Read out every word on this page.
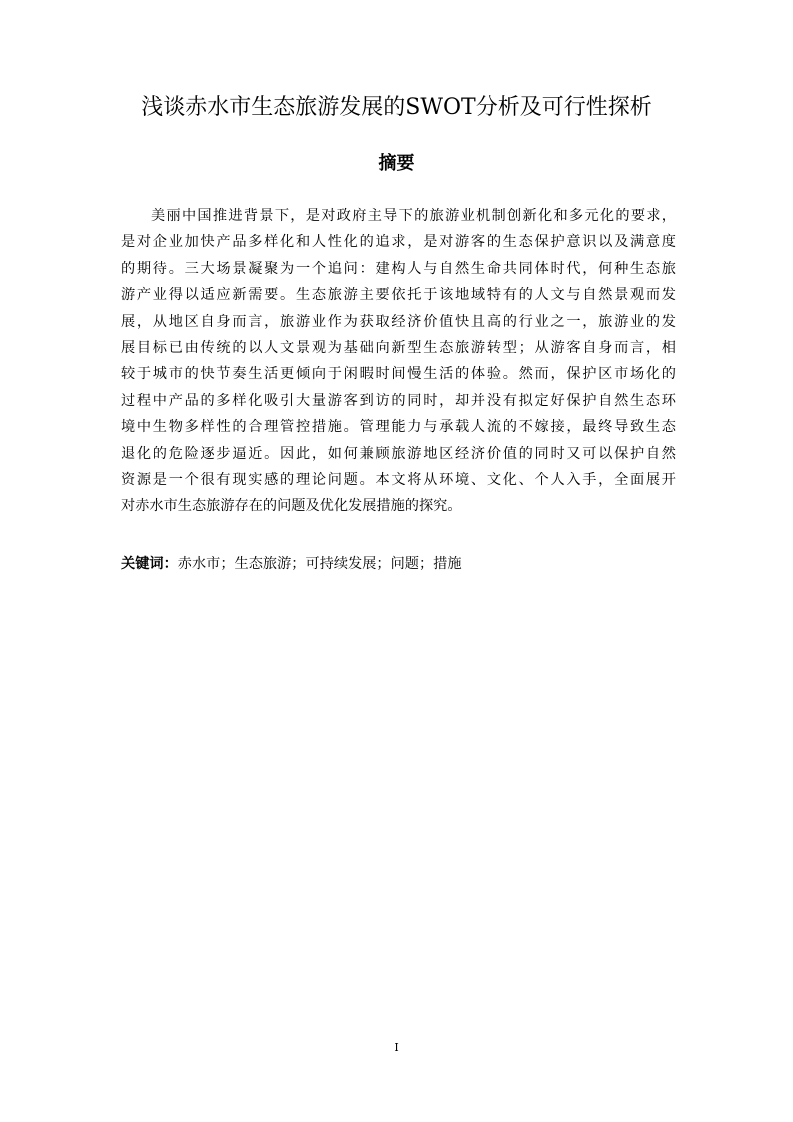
浅谈赤水市生态旅游发展的SWOT分析及可行性探析
摘要
美丽中国推进背景下，是对政府主导下的旅游业机制创新化和多元化的要求，
是对企业加快产品多样化和人性化的追求，是对游客的生态保护意识以及满意度
的期待。三大场景凝聚为一个追问：建构人与自然生命共同体时代，何种生态旅
游产业得以适应新需要。生态旅游主要依托于该地域特有的人文与自然景观而发
展，从地区自身而言，旅游业作为获取经济价值快且高的行业之一，旅游业的发
展目标已由传统的以人文景观为基础向新型生态旅游转型；从游客自身而言，相
较于城市的快节奏生活更倾向于闲暇时间慢生活的体验。然而，保护区市场化的
过程中产品的多样化吸引大量游客到访的同时，却并没有拟定好保护自然生态环
境中生物多样性的合理管控措施。管理能力与承载人流的不嫁接，最终导致生态
退化的危险逐步逼近。因此，如何兼顾旅游地区经济价值的同时又可以保护自然
资源是一个很有现实感的理论问题。本文将从环境、文化、个人入手，全面展开
对赤水市生态旅游存在的问题及优化发展措施的探究。
关键词：赤水市；生态旅游；可持续发展；问题；措施
I
